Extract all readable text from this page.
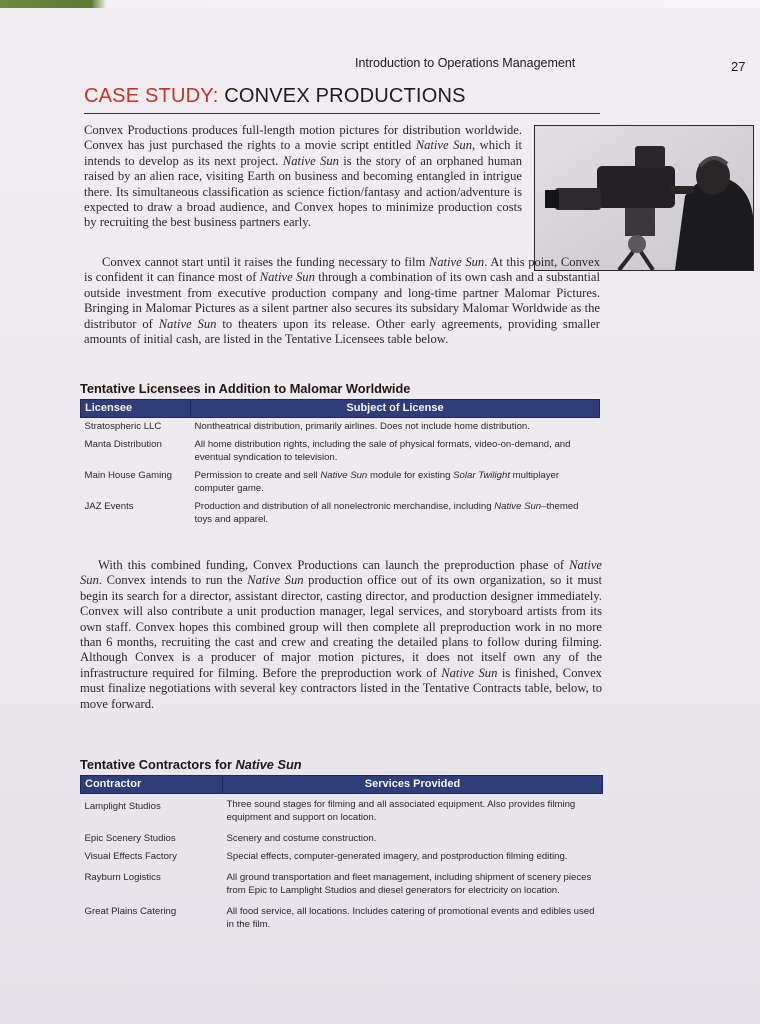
Introduction to Operations Management	27
CASE STUDY: CONVEX PRODUCTIONS

Convex Productions produces full-length motion pictures for distribution worldwide. Convex has just purchased the rights to a movie script entitled Native Sun, which it intends to develop as its next project. Native Sun is the story of an orphaned human raised by an alien race, visiting Earth on business and becoming entangled in intrigue there. Its simultaneous classification as science fiction/fantasy and action/adventure is expected to draw a broad audience, and Convex hopes to minimize production costs by recruiting the best business partners early.

Convex cannot start until it raises the funding necessary to film Native Sun. At this point, Convex is confident it can finance most of Native Sun through a combination of its own cash and a substantial outside investment from executive production company and long-time partner Malomar Pictures. Bringing in Malomar Pictures as a silent partner also secures its subsidary Malomar Worldwide as the distributor of Native Sun to theaters upon its release. Other early agreements, providing smaller amounts of initial cash, are listed in the Tentative Licensees table below.

Tentative Licensees in Addition to Malomar Worldwide
Licensee	Subject of License
Stratospheric LLC	Nontheatrical distribution, primarily airlines. Does not include home distribution.
Manta Distribution	All home distribution rights, including the sale of physical formats, video-on-demand, and eventual syndication to television.
Main House Gaming	Permission to create and sell Native Sun module for existing Solar Twilight multiplayer computer game.
JAZ Events	Production and distribution of all nonelectronic merchandise, including Native Sun–themed toys and apparel.

With this combined funding, Convex Productions can launch the preproduction phase of Native Sun. Convex intends to run the Native Sun production office out of its own organization, so it must begin its search for a director, assistant director, casting director, and production designer immediately. Convex will also contribute a unit production manager, legal services, and storyboard artists from its own staff. Convex hopes this combined group will then complete all preproduction work in no more than 6 months, recruiting the cast and crew and creating the detailed plans to follow during filming. Although Convex is a producer of major motion pictures, it does not itself own any of the infrastructure required for filming. Before the preproduction work of Native Sun is finished, Convex must finalize negotiations with several key contractors listed in the Tentative Contracts table, below, to move forward.

Tentative Contractors for Native Sun
Contractor	Services Provided
Lamplight Studios	Three sound stages for filming and all associated equipment. Also provides filming equipment and support on location.
Epic Scenery Studios	Scenery and costume construction.
Visual Effects Factory	Special effects, computer-generated imagery, and postproduction filming editing.
Rayburn Logistics	All ground transportation and fleet management, including shipment of scenery pieces from Epic to Lamplight Studios and diesel generators for electricity on location.
Great Plains Catering	All food service, all locations. Includes catering of promotional events and edibles used in the film.
